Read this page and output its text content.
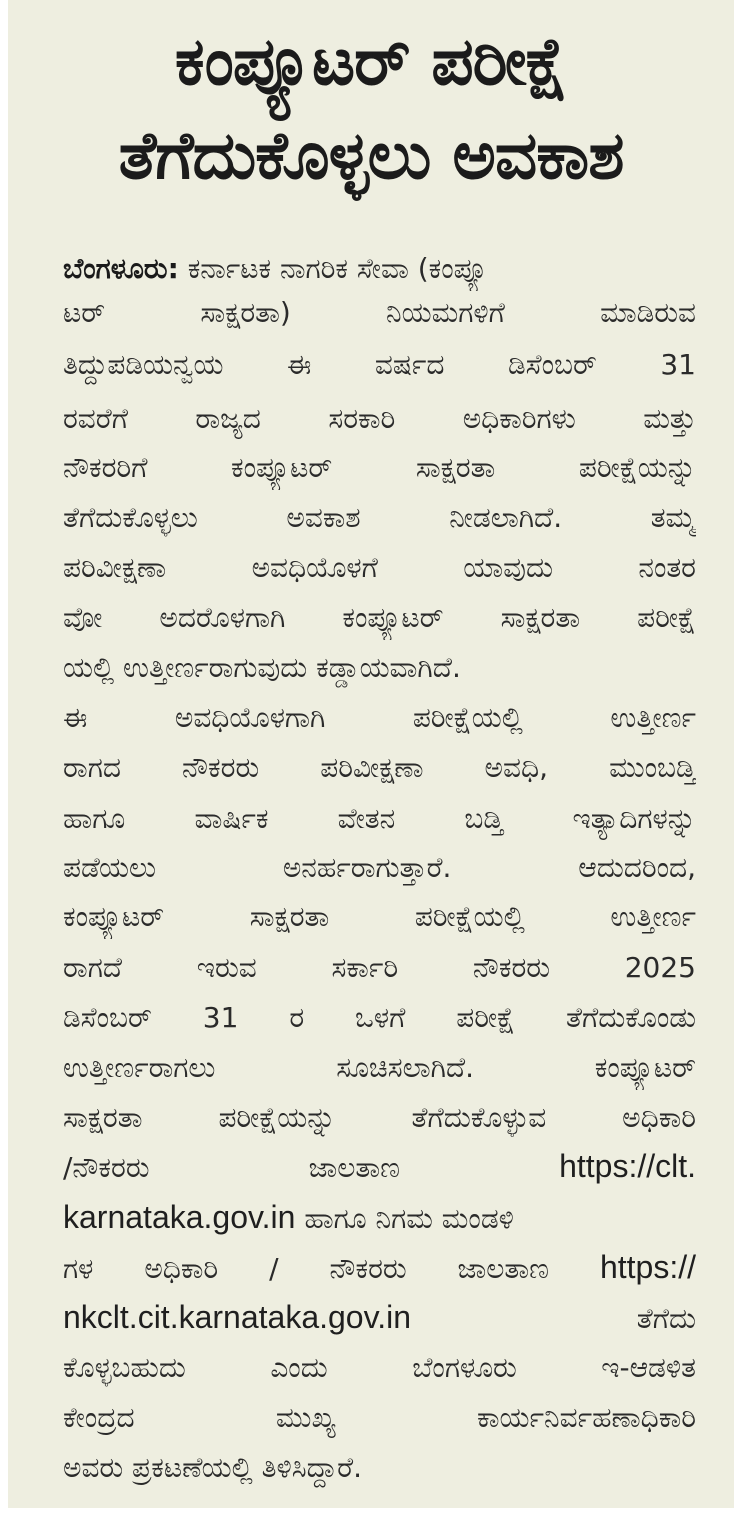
ಕಂಪ್ಯೂಟರ್ ಪರೀಕ್ಷೆ
ತೆಗೆದುಕೊಳ್ಳಲು ಅವಕಾಶ
ಬೆಂಗಳೂರು: ಕರ್ನಾಟಕ ನಾಗರಿಕ ಸೇವಾ (ಕಂಪ್ಯೂ
ಟರ್ ಸಾಕ್ಷರತಾ) ನಿಯಮಗಳಿಗೆ ಮಾಡಿರುವ
ತಿದ್ದುಪಡಿಯನ್ವಯ ಈ ವರ್ಷದ ಡಿಸೆಂಬರ್ 31
ರವರೆಗೆ ರಾಜ್ಯದ ಸರಕಾರಿ ಅಧಿಕಾರಿಗಳು ಮತ್ತು
ನೌಕರರಿಗೆ ಕಂಪ್ಯೂಟರ್ ಸಾಕ್ಷರತಾ ಪರೀಕ್ಷೆಯನ್ನು
ತೆಗೆದುಕೊಳ್ಳಲು ಅವಕಾಶ ನೀಡಲಾಗಿದೆ. ತಮ್ಮ
ಪರಿವೀಕ್ಷಣಾ ಅವಧಿಯೊಳಗೆ ಯಾವುದು ನಂತರ
ವೋ ಅದರೊಳಗಾಗಿ ಕಂಪ್ಯೂಟರ್ ಸಾಕ್ಷರತಾ ಪರೀಕ್ಷೆ
ಯಲ್ಲಿ ಉತ್ತೀರ್ಣರಾಗುವುದು ಕಡ್ಡಾಯವಾಗಿದೆ.
ಈ ಅವಧಿಯೊಳಗಾಗಿ ಪರೀಕ್ಷೆಯಲ್ಲಿ ಉತ್ತೀರ್ಣ
ರಾಗದ ನೌಕರರು ಪರಿವೀಕ್ಷಣಾ ಅವಧಿ, ಮುಂಬಡ್ತಿ
ಹಾಗೂ ವಾರ್ಷಿಕ ವೇತನ ಬಡ್ತಿ ಇತ್ಯಾದಿಗಳನ್ನು
ಪಡೆಯಲು ಅನರ್ಹರಾಗುತ್ತಾರೆ. ಆದುದರಿಂದ,
ಕಂಪ್ಯೂಟರ್ ಸಾಕ್ಷರತಾ ಪರೀಕ್ಷೆಯಲ್ಲಿ ಉತ್ತೀರ್ಣ
ರಾಗದೆ ಇರುವ ಸರ್ಕಾರಿ ನೌಕರರು 2025
ಡಿಸೆಂಬರ್ 31 ರ ಒಳಗೆ ಪರೀಕ್ಷೆ ತೆಗೆದುಕೊಂಡು
ಉತ್ತೀರ್ಣರಾಗಲು ಸೂಚಿಸಲಾಗಿದೆ. ಕಂಪ್ಯೂಟರ್
ಸಾಕ್ಷರತಾ ಪರೀಕ್ಷೆಯನ್ನು ತೆಗೆದುಕೊಳ್ಳುವ ಅಧಿಕಾರಿ
/ನೌಕರರು ಜಾಲತಾಣ	https://clt.
karnataka.gov.in ಹಾಗೂ ನಿಗಮ ಮಂಡಳಿ
ಗಳ ಅಧಿಕಾರಿ / ನೌಕರರು ಜಾಲತಾಣ https://
nkclt.cit.karnataka.gov.in	ತೆಗೆದು
ಕೊಳ್ಳಬಹುದು ಎಂದು ಬೆಂಗಳೂರು ಇ-ಆಡಳಿತ
ಕೇಂದ್ರದ ಮುಖ್ಯ ಕಾರ್ಯನಿರ್ವಹಣಾಧಿಕಾರಿ
ಅವರು ಪ್ರಕಟಣೆಯಲ್ಲಿ ತಿಳಿಸಿದ್ದಾರೆ.
